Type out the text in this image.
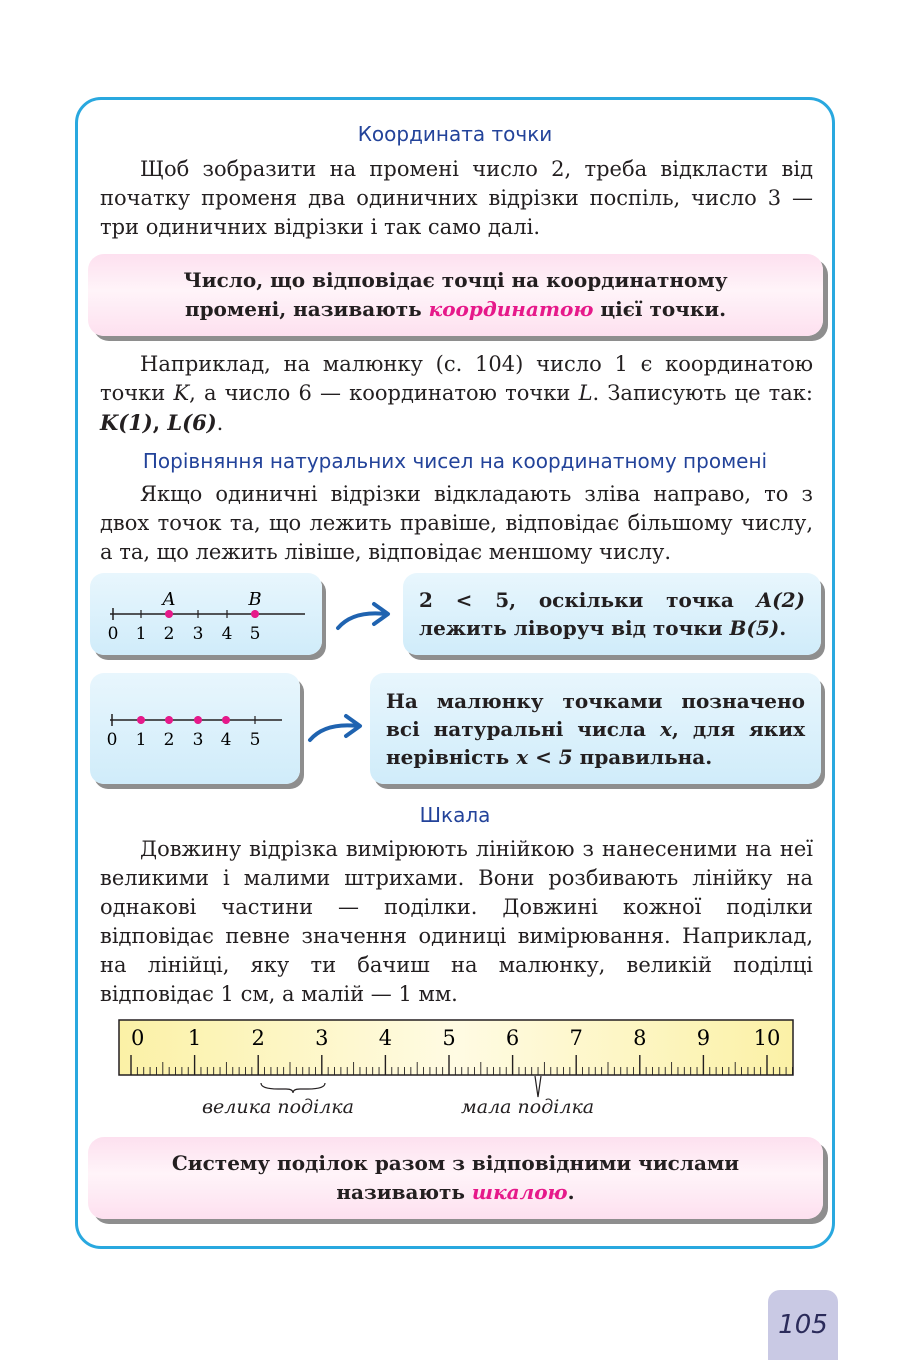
Координата точки

Щоб зобразити на промені число 2, треба відкласти від початку променя два одиничних відрізки поспіль, число 3 — три одиничних відрізки і так само далі.

Число, що відповідає точці на координатному промені, називають координатою цієї точки.

Наприклад, на малюнку (с. 104) число 1 є координатою точки K, а число 6 — координатою точки L. Записують це так: K(1), L(6).

Порівняння натуральних чисел на координатному промені

Якщо одиничні відрізки відкладають зліва направо, то з двох точок та, що лежить правіше, відповідає більшому числу, а та, що лежить лівіше, відповідає меншому числу.

A	B
0 1 2 3 4 5
2 < 5, оскільки точка A(2) лежить ліворуч від точки B(5).
0 1 2 3 4 5
На малюнку точками позначено всі натуральні числа x, для яких нерівність x < 5 правильна.
Шкала

Довжину відрізка вимірюють лінійкою з нанесеними на неї великими і малими штрихами. Вони розбивають лінійку на однакові частини — поділки. Довжині кожної поділки відповідає певне значення одиниці вимірювання. Наприклад, на лінійці, яку ти бачиш на малюнку, великій поділці відповідає 1 см, а малій — 1 мм.

0 1 2 3 4 5 6 7 8 9 10
велика поділка	мала поділка
Систему поділок разом з відповідними числами називають шкалою.
105
